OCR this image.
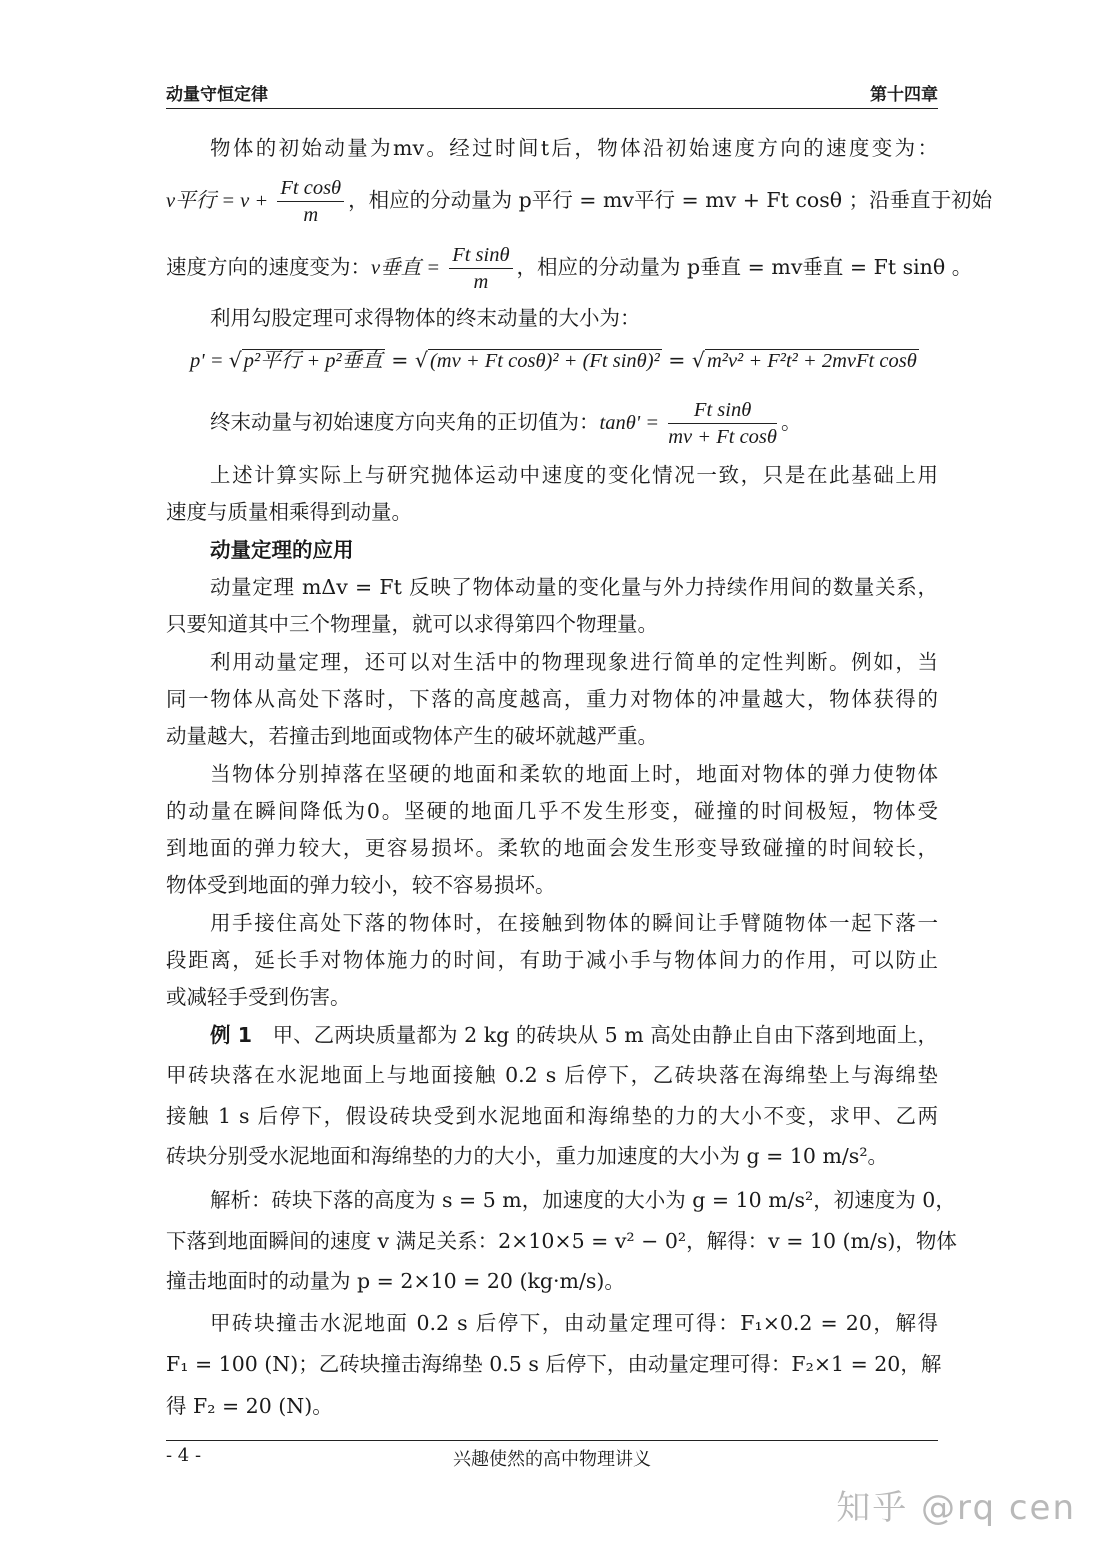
动量守恒定律	第十四章
物体的初始动量为mv。经过时间t后，物体沿初始速度方向的速度变为：
v平行 = $v + \frac{\text{Ft cosθ}}{m}$ ，相应的分动量为 p平行 = mv平行 = mv + Ft cosθ ；沿垂直于初始
速度方向的速度变为：v垂直 = $\frac{\text{Ft sinθ}}{m}$ ，相应的分动量为 p垂直 = mv垂直 = Ft sinθ 。
利用勾股定理可求得物体的终末动量的大小为：
p' = √p²平行 + p²垂直 = √(mv + Ft cosθ)² + (Ft sinθ)² = √m²v² + F²t² + 2mvFt cosθ
终末动量与初始速度方向夹角的正切值为：$\tan\theta' = \frac{\text{Ft sinθ}}{\text{mv + Ft cosθ}}$ 。
上述计算实际上与研究抛体运动中速度的变化情况一致，只是在此基础上用
速度与质量相乘得到动量。
动量定理的应用
动量定理 mΔv = Ft 反映了物体动量的变化量与外力持续作用间的数量关系，
只要知道其中三个物理量，就可以求得第四个物理量。
利用动量定理，还可以对生活中的物理现象进行简单的定性判断。例如，当
同一物体从高处下落时，下落的高度越高，重力对物体的冲量越大，物体获得的
动量越大，若撞击到地面或物体产生的破坏就越严重。
当物体分别掉落在坚硬的地面和柔软的地面上时，地面对物体的弹力使物体
的动量在瞬间降低为0。坚硬的地面几乎不发生形变，碰撞的时间极短，物体受
到地面的弹力较大，更容易损坏。柔软的地面会发生形变导致碰撞的时间较长，
物体受到地面的弹力较小，较不容易损坏。
用手接住高处下落的物体时，在接触到物体的瞬间让手臂随物体一起下落一
段距离，延长手对物体施力的时间，有助于减小手与物体间力的作用，可以防止
或减轻手受到伤害。
例 1  甲、乙两块质量都为 2 kg 的砖块从 5 m 高处由静止自由下落到地面上，
甲砖块落在水泥地面上与地面接触 0.2 s 后停下，乙砖块落在海绵垫上与海绵垫
接触 1 s 后停下，假设砖块受到水泥地面和海绵垫的力的大小不变，求甲、乙两
砖块分别受水泥地面和海绵垫的力的大小，重力加速度的大小为 g = 10 m/s²。
解析：砖块下落的高度为 s = 5 m，加速度的大小为 g = 10 m/s²，初速度为 0，
下落到地面瞬间的速度 v 满足关系：2×10×5 = v² − 0²，解得：v = 10 (m/s)，物体
撞击地面时的动量为 p = 2×10 = 20 (kg·m/s)。
甲砖块撞击水泥地面 0.2 s 后停下，由动量定理可得：F₁×0.2 = 20，解得
F₁ = 100 (N)；乙砖块撞击海绵垫 0.5 s 后停下，由动量定理可得：F₂×1 = 20，解
得 F₂ = 20 (N)。
- 4 -	兴趣使然的高中物理讲义
知乎 @rq cen
